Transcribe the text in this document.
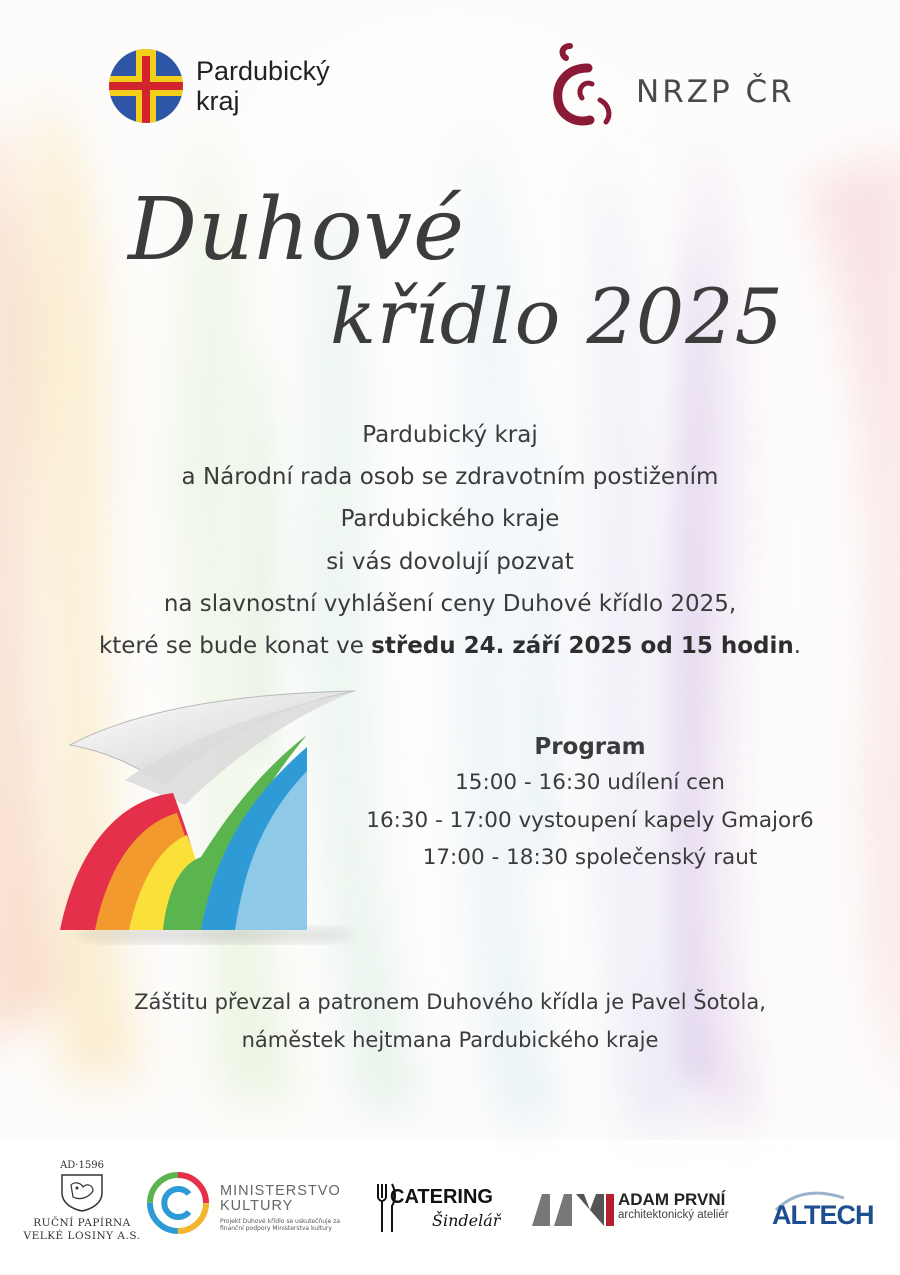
Pardubický
kraj	NRZP ČR
Duhové
křídlo 2025
Pardubický kraj
a Národní rada osob se zdravotním postižením
Pardubického kraje
si vás dovolují pozvat
na slavnostní vyhlášení ceny Duhové křídlo 2025,
které se bude konat ve středu 24. září 2025 od 15 hodin.
Program
15:00 - 16:30 udílení cen
16:30 - 17:00 vystoupení kapely Gmajor6
17:00 - 18:30 společenský raut
Záštitu převzal a patronem Duhového křídla je Pavel Šotola,
náměstek hejtmana Pardubického kraje
AD·1596
RUČNÍ PAPÍRNA
VELKÉ LOSINY A.S.
MINISTERSTVO
KULTURY
Projekt Duhové křídlo se uskutečňuje za finanční podpory Ministerstva kultury
CATERING
Šindelář
ADAM PRVNÍ
architektonický ateliér ALTECH
